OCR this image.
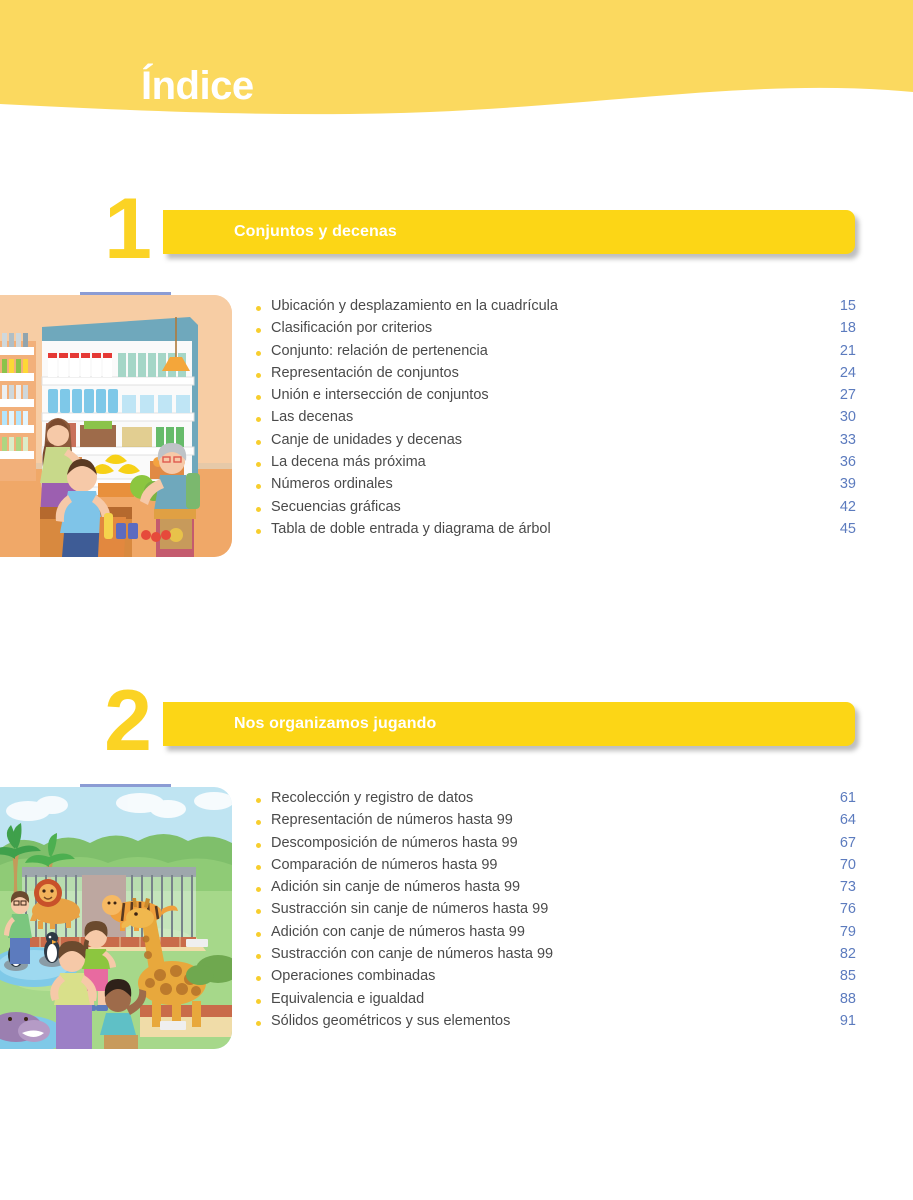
Índice
1	Conjuntos y decenas
Ubicación y desplazamiento en la cuadrícula	15
Clasificación por criterios	18
Conjunto: relación de pertenencia	21
Representación de conjuntos	24
Unión e intersección de conjuntos	27
Las decenas	30
Canje de unidades y decenas	33
La decena más próxima	36
Números ordinales	39
Secuencias gráficas	42
Tabla de doble entrada y diagrama de árbol	45
2	Nos organizamos jugando
Recolección y registro de datos	61
Representación de números hasta 99	64
Descomposición de números hasta 99	67
Comparación de números hasta 99	70
Adición sin canje de números hasta 99	73
Sustracción sin canje de números hasta 99	76
Adición con canje de números hasta 99	79
Sustracción con canje de números hasta 99	82
Operaciones combinadas	85
Equivalencia e igualdad	88
Sólidos geométricos y sus elementos	91
